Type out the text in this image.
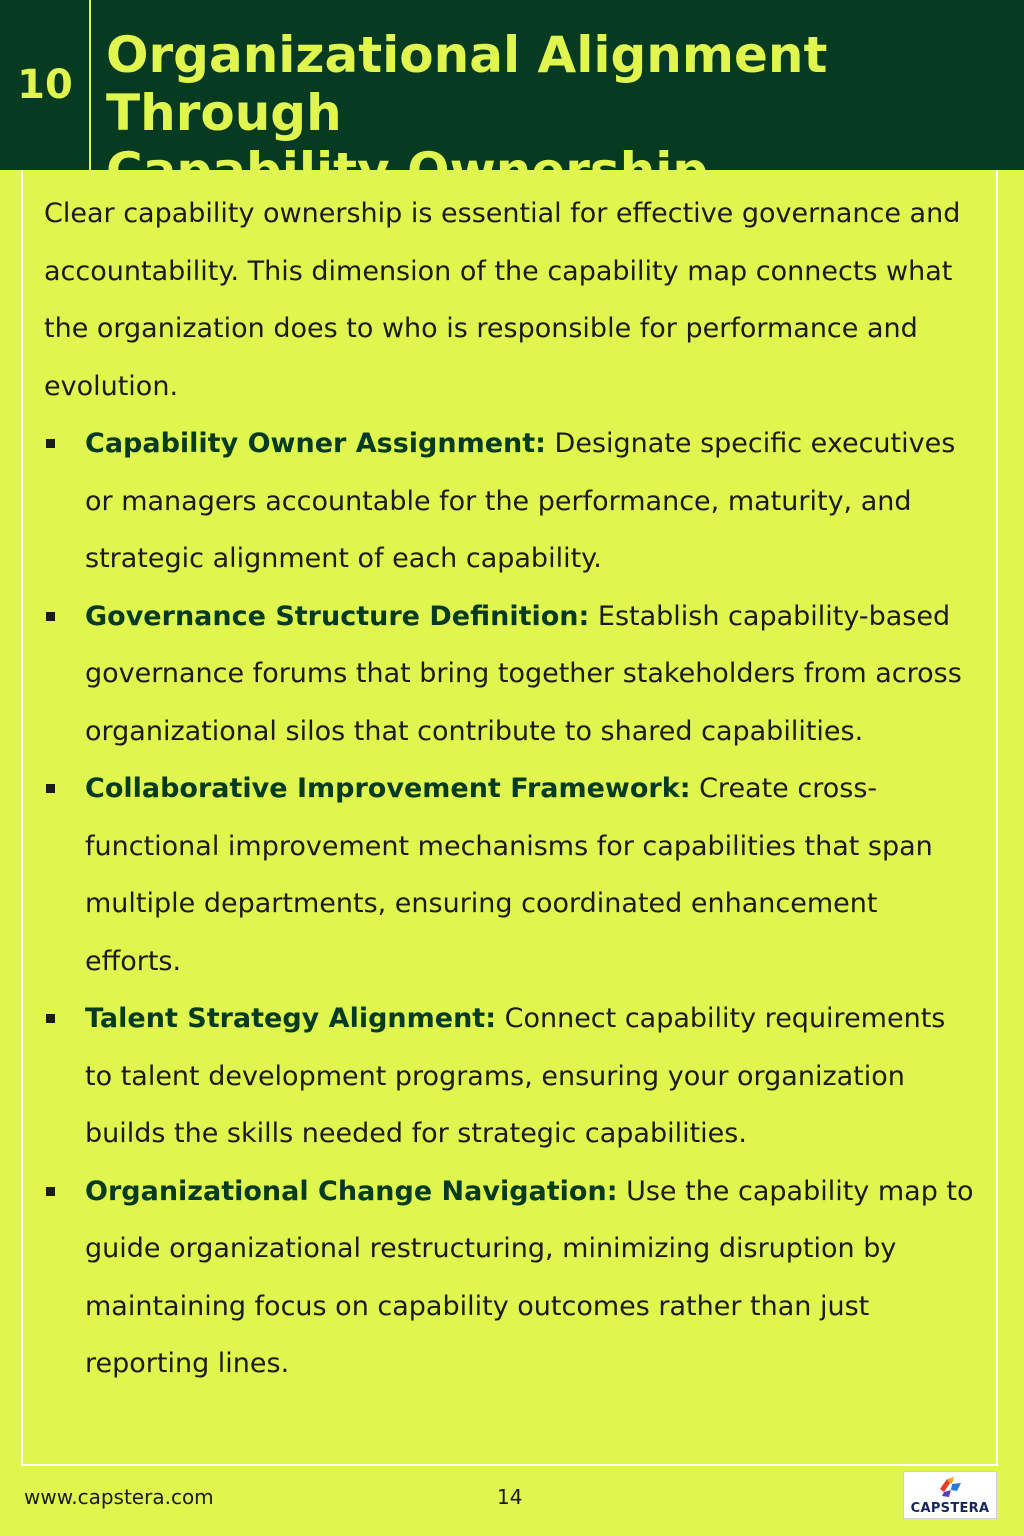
10
Organizational Alignment Through
Capability Ownership

Clear capability ownership is essential for effective governance and accountability. This dimension of the capability map connects what the organization does to who is responsible for performance and evolution.

Capability Owner Assignment: Designate specific executives or managers accountable for the performance, maturity, and strategic alignment of each capability.
Governance Structure Definition: Establish capability-based governance forums that bring together stakeholders from across organizational silos that contribute to shared capabilities.
Collaborative Improvement Framework: Create cross-functional improvement mechanisms for capabilities that span multiple departments, ensuring coordinated enhancement efforts.
Talent Strategy Alignment: Connect capability requirements to talent development programs, ensuring your organization builds the skills needed for strategic capabilities.
Organizational Change Navigation: Use the capability map to guide organizational restructuring, minimizing disruption by maintaining focus on capability outcomes rather than just reporting lines.
www.capstera.com	14	CAPSTERA
